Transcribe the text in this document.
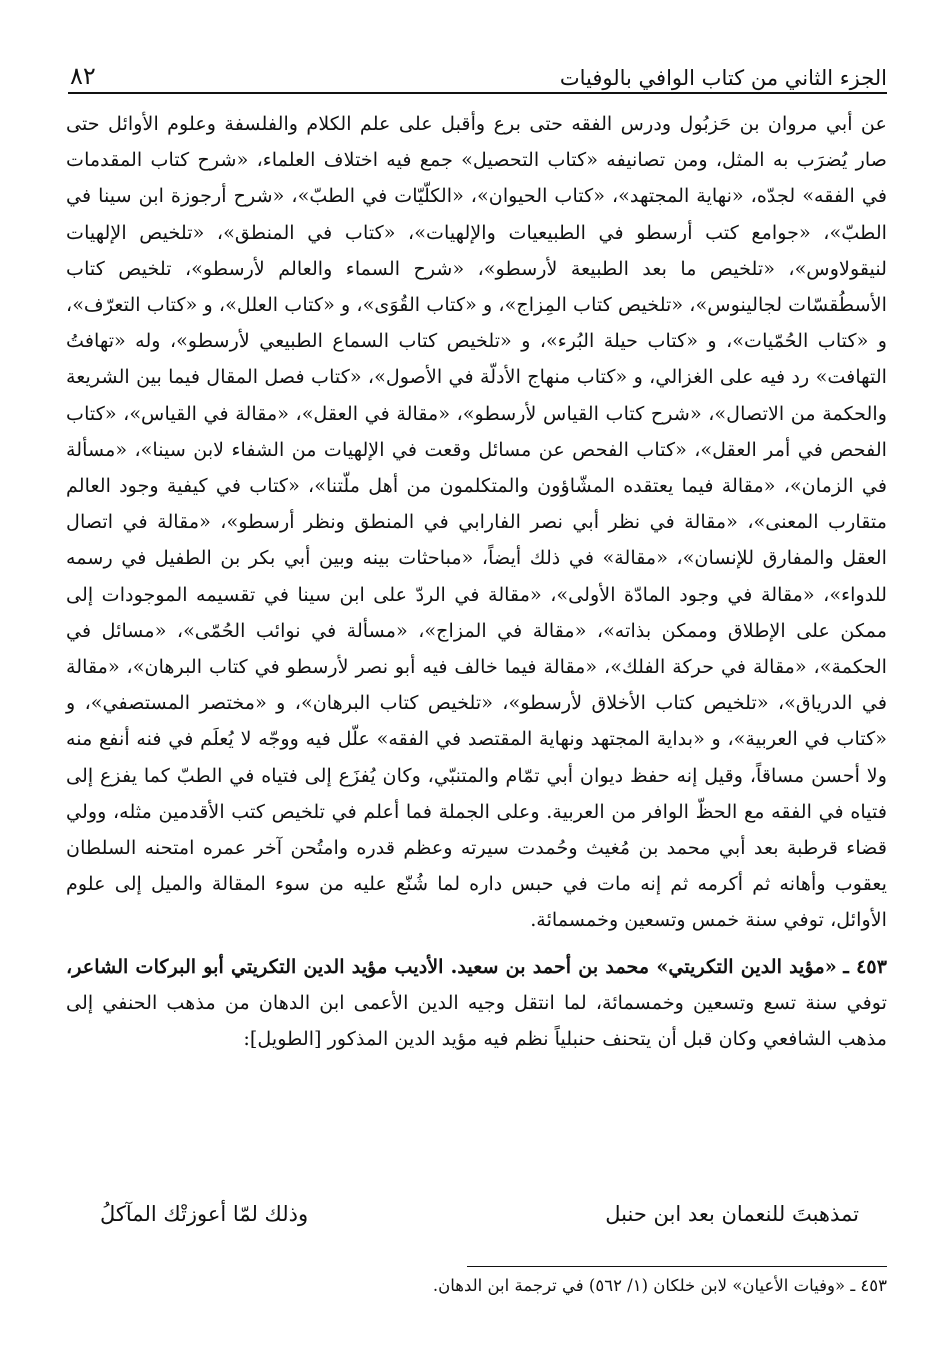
الجزء الثاني من كتاب الوافي بالوفيات
٨٢

عن أبي مروان بن حَزبُول ودرس الفقه حتى برع وأقبل على علم الكلام والفلسفة وعلوم الأوائل حتى صار يُضرَب به المثل، ومن تصانيفه «كتاب التحصيل» جمع فيه اختلاف العلماء، «شرح كتاب المقدمات في الفقه» لجدّه، «نهاية المجتهد»، «كتاب الحيوان»، «الكلّيّات في الطبّ»، «شرح أرجوزة ابن سينا في الطبّ»، «جوامع كتب أرسطو في الطبيعيات والإلهيات»، «كتاب في المنطق»، «تلخيص الإلهيات لنيقولاوس»، «تلخيص ما بعد الطبيعة لأرسطو»، «شرح السماء والعالم لأرسطو»، تلخيص كتاب الأسطُقسّات لجالينوس»، «تلخيص كتاب المِزاج»، و «كتاب القُوَى»، و «كتاب العلل»، و «كتاب التعرّف»، و «كتاب الحُمّيات»، و «كتاب حيلة البُرء»، و «تلخيص كتاب السماع الطبيعي لأرسطو»، وله «تهافتُ التهافت» رد فيه على الغزالي، و «كتاب منهاج الأدلّة في الأصول»، «كتاب فصل المقال فيما بين الشريعة والحكمة من الاتصال»، «شرح كتاب القياس لأرسطو»، «مقالة في العقل»، «مقالة في القياس»، «كتاب الفحص في أمر العقل»، «كتاب الفحص عن مسائل وقعت في الإلهيات من الشفاء لابن سينا»، «مسألة في الزمان»، «مقالة فيما يعتقده المشّاؤون والمتكلمون من أهل ملّتنا»، «كتاب في كيفية وجود العالم متقارب المعنى»، «مقالة في نظر أبي نصر الفارابي في المنطق ونظر أرسطو»، «مقالة في اتصال العقل والمفارق للإنسان»، «مقالة» في ذلك أيضاً، «مباحثات بينه وبين أبي بكر بن الطفيل في رسمه للدواء»، «مقالة في وجود المادّة الأولى»، «مقالة في الردّ على ابن سينا في تقسيمه الموجودات إلى ممكن على الإطلاق وممكن بذاته»، «مقالة في المزاج»، «مسألة في نوائب الحُمّى»، «مسائل في الحكمة»، «مقالة في حركة الفلك»، «مقالة فيما خالف فيه أبو نصر لأرسطو في كتاب البرهان»، «مقالة في الدرياق»، «تلخيص كتاب الأخلاق لأرسطو»، «تلخيص كتاب البرهان»، و «مختصر المستصفي»، و «كتاب في العربية»، و «بداية المجتهد ونهاية المقتصد في الفقه» علّل فيه ووجّه لا يُعلَم في فنه أنفع منه ولا أحسن مساقاً، وقيل إنه حفظ ديوان أبي تمّام والمتنبّي، وكان يُفزَع إلى فتياه في الطبّ كما يفزع إلى فتياه في الفقه مع الحظّ الوافر من العربية. وعلى الجملة فما أعلم في تلخيص كتب الأقدمين مثله، وولي قضاء قرطبة بعد أبي محمد بن مُغيث وحُمدت سيرته وعظم قدره وامتُحن آخر عمره امتحنه السلطان يعقوب وأهانه ثم أكرمه ثم إنه مات في حبس داره لما شُنّع عليه من سوء المقالة والميل إلى علوم الأوائل، توفي سنة خمس وتسعين وخمسمائة.

٤٥٣ ـ «مؤيد الدين التكريتي» محمد بن أحمد بن سعيد. الأديب مؤيد الدين التكريتي أبو البركات الشاعر، توفي سنة تسع وتسعين وخمسمائة، لما انتقل وجيه الدين الأعمى ابن الدهان من مذهب الحنفي إلى مذهب الشافعي وكان قبل أن يتحنف حنبلياً نظم فيه مؤيد الدين المذكور [الطويل]:

تمذهبتَ للنعمان بعد ابن حنبل
وذلك لمّا أعوزتْك المآكلُ
٤٥٣ ـ «وفيات الأعيان» لابن خلكان (١/ ٥٦٢) في ترجمة ابن الدهان.
